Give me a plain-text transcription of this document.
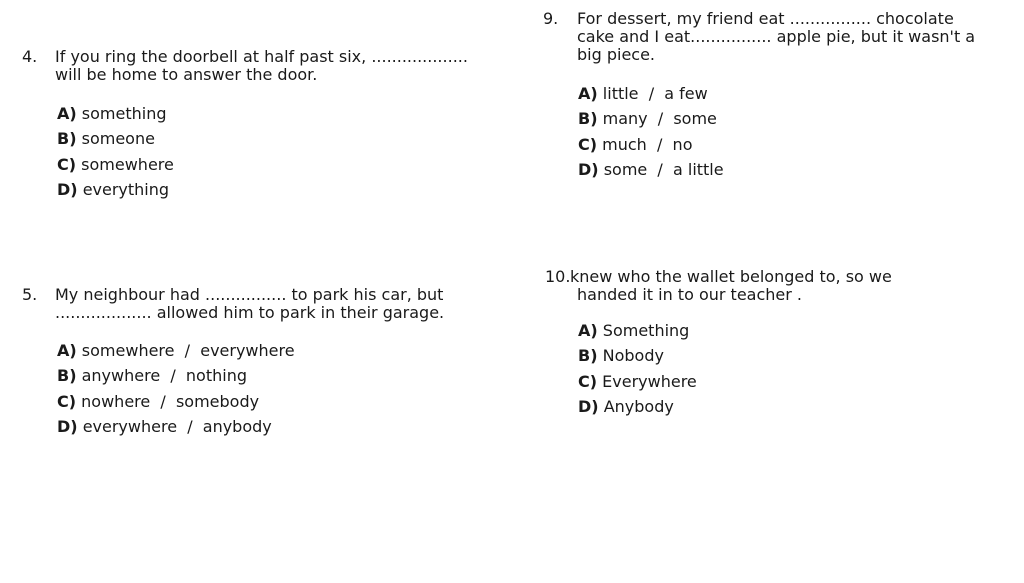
4. If you ring the doorbell at half past six, ...................
will be home to answer the door.
A) something
B) someone
C) somewhere
D) everything
5. My neighbour had ................ to park his car, but
................... allowed him to park in their garage.
A) somewhere  /  everywhere
B) anywhere  /  nothing
C) nowhere  /  somebody
D) everywhere  /  anybody
9. For dessert, my friend eat ................ chocolate
cake and I eat................ apple pie, but it wasn't a
big piece.
A) little  /  a few
B) many  /  some
C) much  /  no
D) some  /  a little
10. knew who the wallet belonged to, so we
handed it in to our teacher .
A) Something
B) Nobody
C) Everywhere
D) Anybody
